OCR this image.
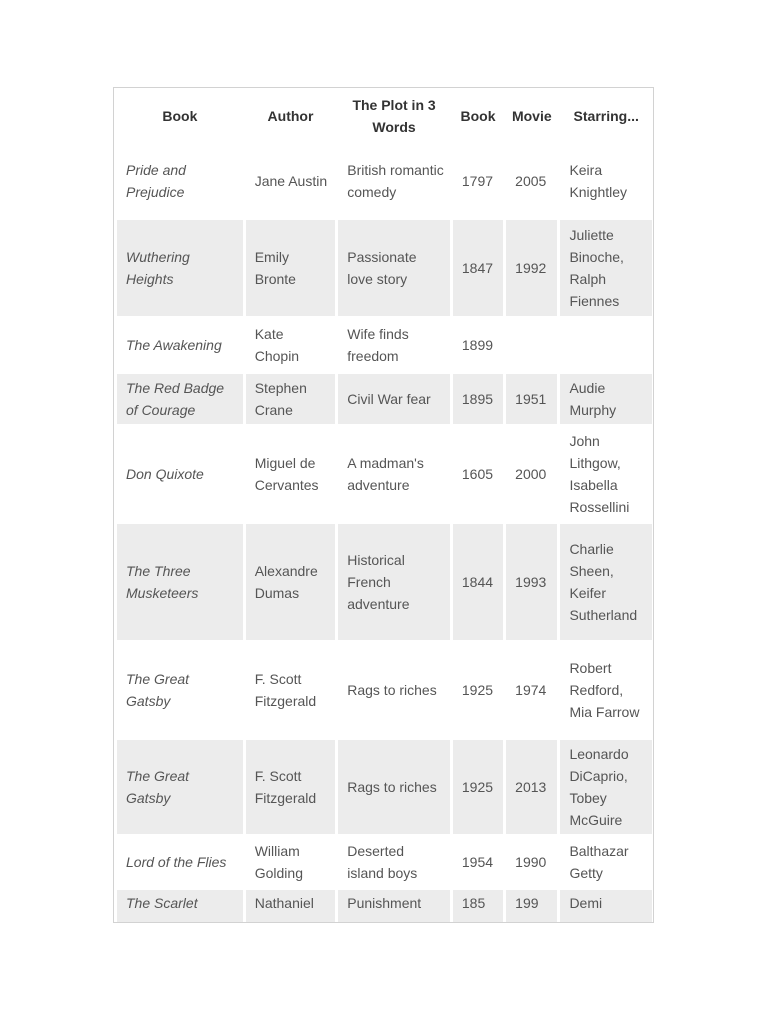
Book	Author	The Plot in 3 Words	Book	Movie	Starring...
Pride and Prejudice	Jane Austin	British romantic comedy	1797	2005	Keira Knightley
Wuthering Heights	Emily Bronte	Passionate love story	1847	1992	Juliette Binoche, Ralph Fiennes
The Awakening	Kate Chopin	Wife finds freedom	1899		
The Red Badge of Courage	Stephen Crane	Civil War fear	1895	1951	Audie Murphy
Don Quixote	Miguel de Cervantes	A madman's adventure	1605	2000	John Lithgow, Isabella Rossellini
The Three Musketeers	Alexandre Dumas	Historical French adventure	1844	1993	Charlie Sheen, Keifer Sutherland
The Great Gatsby	F. Scott Fitzgerald	Rags to riches	1925	1974	Robert Redford, Mia Farrow
The Great Gatsby	F. Scott Fitzgerald	Rags to riches	1925	2013	Leonardo DiCaprio, Tobey McGuire
Lord of the Flies	William Golding	Deserted island boys	1954	1990	Balthazar Getty
The Scarlet	Nathaniel	Punishment	185	199	Demi
